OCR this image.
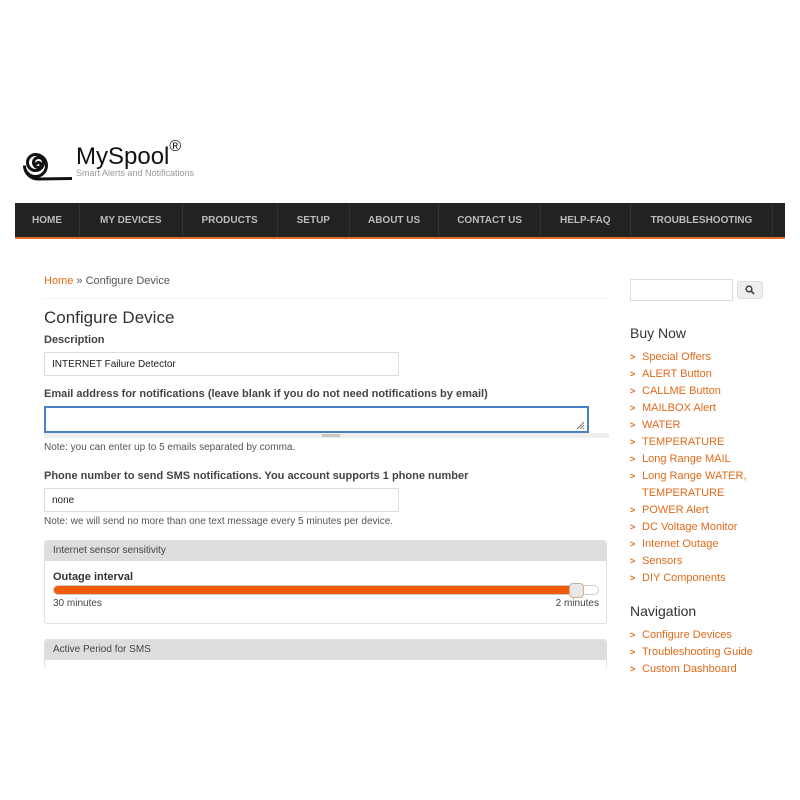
MySpool®
Smart Alerts and Notifications
HOME	MY DEVICES	PRODUCTS	SETUP	ABOUT US	CONTACT US	HELP-FAQ	TROUBLESHOOTING
Home » Configure Device
Configure Device
Description
INTERNET Failure Detector
Email address for notifications (leave blank if you do not need notifications by email)
Note: you can enter up to 5 emails separated by comma.
Phone number to send SMS notifications. You account supports 1 phone number
none
Note: we will send no more than one text message every 5 minutes per device.
Internet sensor sensitivity
Outage interval
30 minutes	2 minutes
Active Period for SMS
Buy Now
> Special Offers
> ALERT Button
> CALLME Button
> MAILBOX Alert
> WATER
> TEMPERATURE
> Long Range MAIL
> Long Range WATER, TEMPERATURE
> POWER Alert
> DC Voltage Monitor
> Internet Outage
> Sensors
> DIY Components
Navigation
> Configure Devices
> Troubleshooting Guide
> Custom Dashboard
